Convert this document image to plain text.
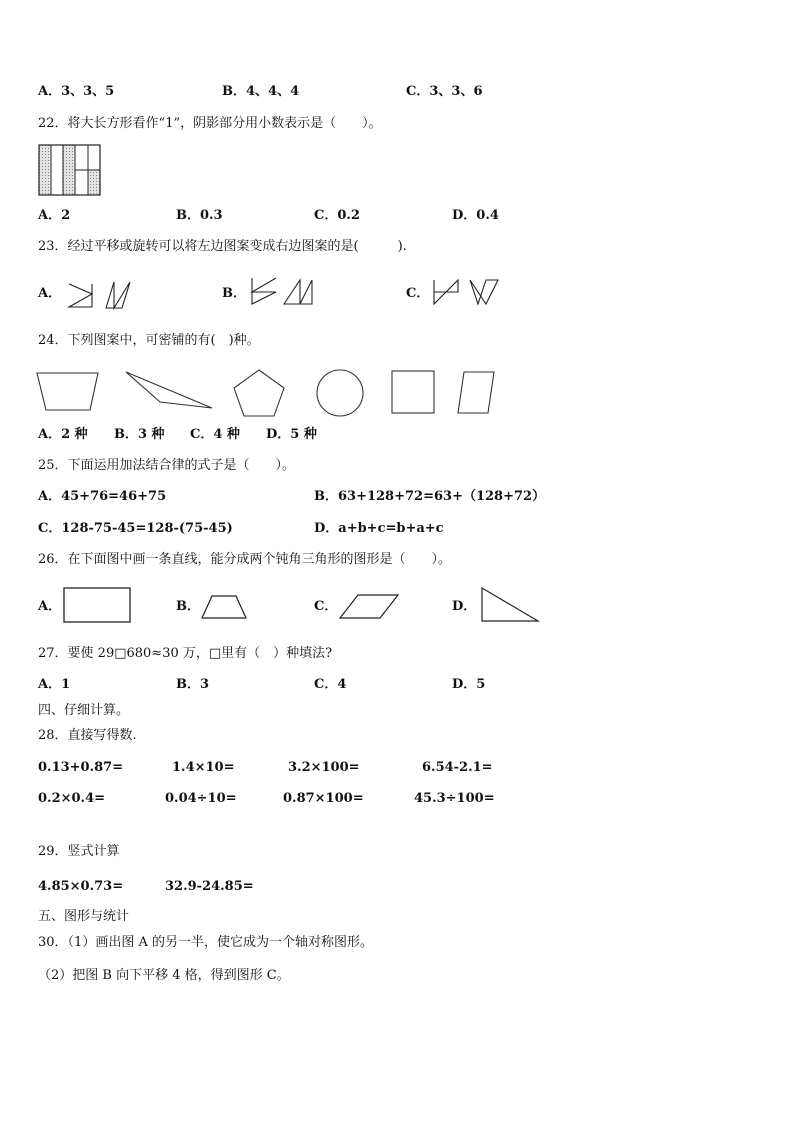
A．3、3、5	B．4、4、4	C．3、3、6
22．将大长方形看作“1”，阴影部分用小数表示是（　　）。
A．2	B．0.3	C．0.2	D．0.4
23．经过平移或旋转可以将左边图案变成右边图案的是(　　　).
A．	B．	C．
24．下列图案中，可密铺的有(　)种。
A．2 种 B．3 种 C．4 种 D．5 种
25．下面运用加法结合律的式子是（　　）。
A．45+76=46+75	B．63+128+72=63+（128+72）
C．128-75-45=128-(75-45)	D．a+b+c=b+a+c
26．在下面图中画一条直线，能分成两个钝角三角形的图形是（　　）。
A．	B．	C．	D．
27．要使 29□680≈30 万，□里有（　）种填法?
A．1	B．3	C．4	D．5
四、仔细计算。
28．直接写得数.
0.13+0.87=	1.4×10=	3.2×100=	6.54-2.1=
0.2×0.4=	0.04÷10=	0.87×100=	45.3÷100=
29．竖式计算
4.85×0.73=	32.9-24.85=
五、图形与统计
30．（1）画出图 A 的另一半，使它成为一个轴对称图形。
（2）把图 B 向下平移 4 格，得到图形 C。
